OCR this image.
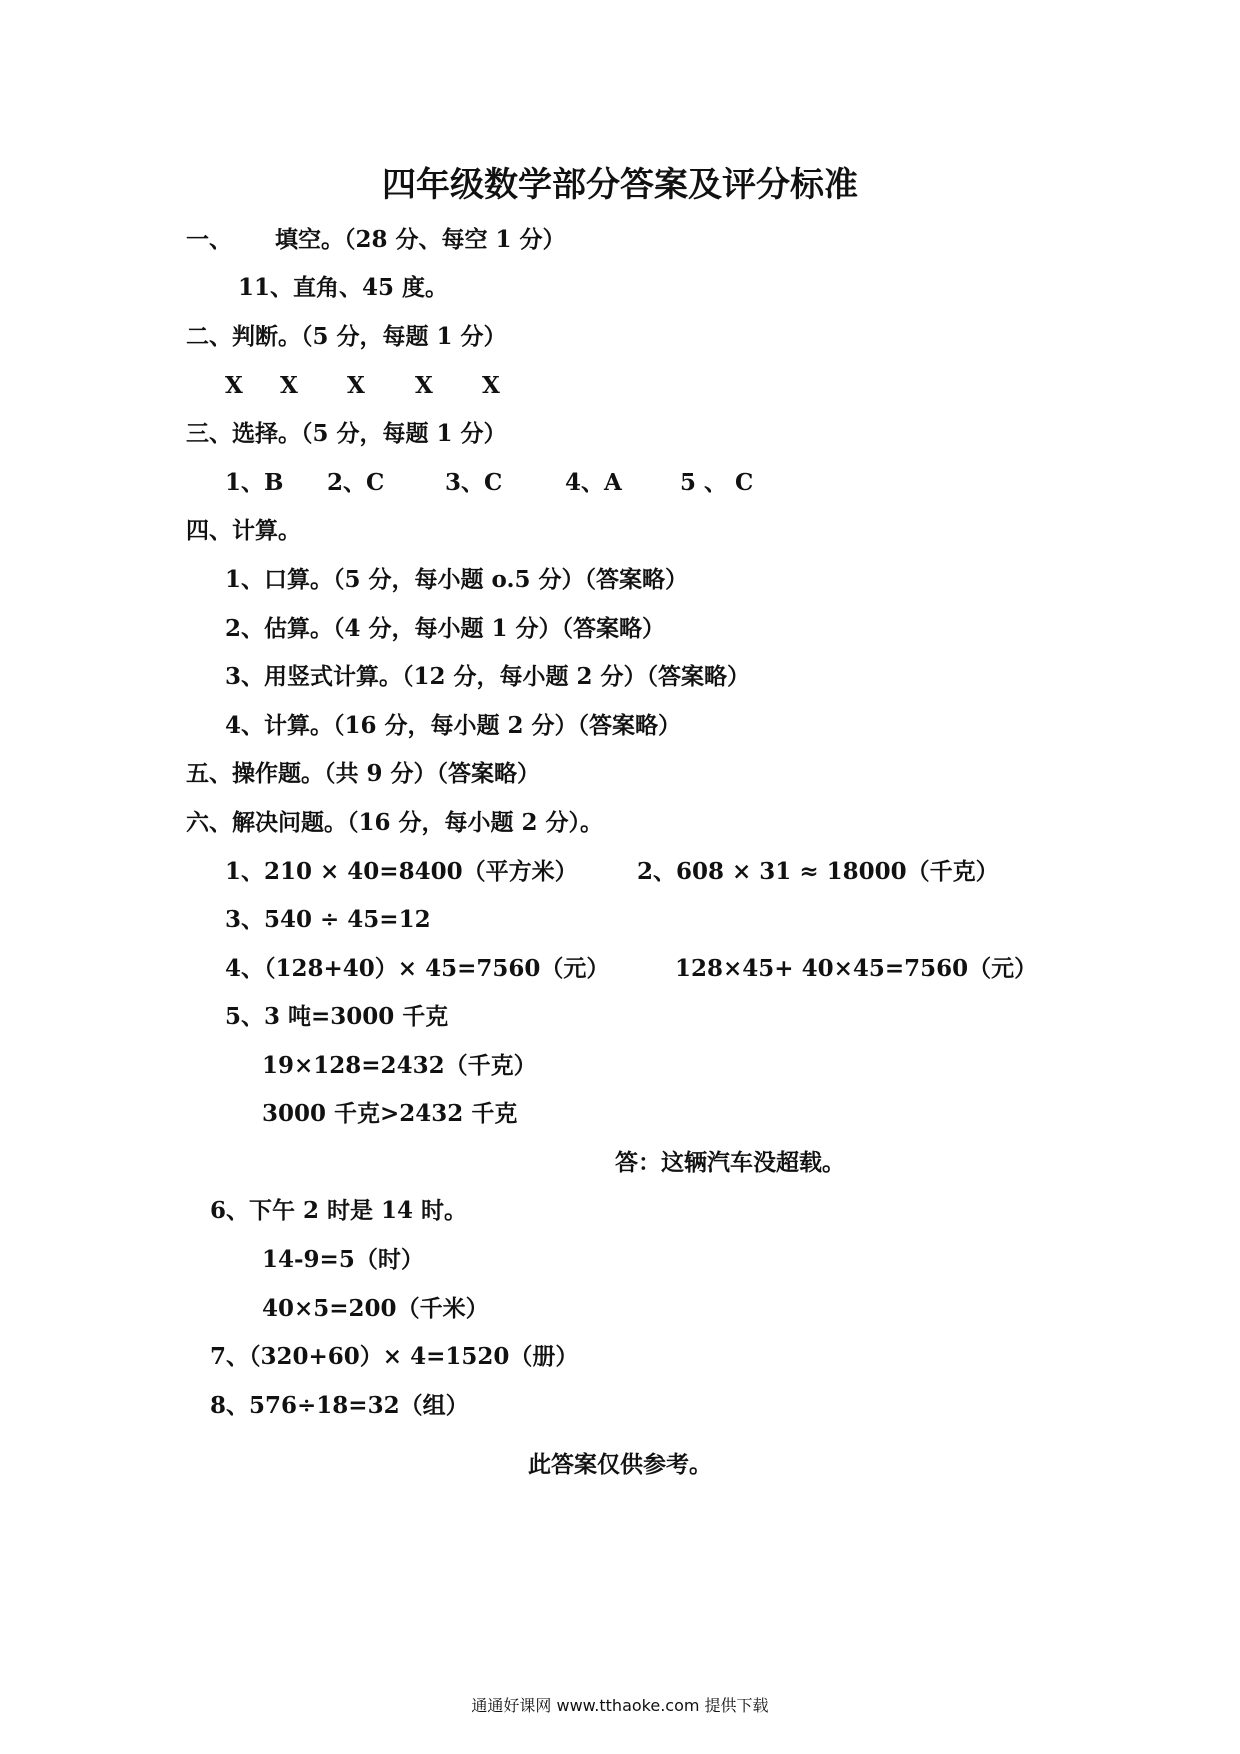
四年级数学部分答案及评分标准
一、 填空。（28 分、每空 1 分）
11、直角、45 度。
二、判断。（5 分，每题 1 分）
X X X X X
三、选择。（5 分，每题 1 分）
1、B 2、C	3、C	4、A	5 、 C
四、计算。
1、口算。（5 分，每小题 o.5 分）（答案略）
2、估算。（4 分，每小题 1 分）（答案略）
3、用竖式计算。（12 分，每小题 2 分）（答案略）
4、计算。（16 分，每小题 2 分）（答案略）
五、操作题。（共 9 分）（答案略）
六、解决问题。（16 分，每小题 2 分）。
1、210 × 40=8400（平方米）	2、608 × 31 ≈ 18000（千克）
3、540 ÷ 45=12
4、（128+40）× 45=7560（元）	128×45+ 40×45=7560（元）
5、3 吨=3000 千克
19×128=2432（千克）
3000 千克>2432 千克
答：这辆汽车没超载。
6、下午 2 时是 14 时。
14-9=5（时）
40×5=200（千米）
7、（320+60）× 4=1520（册）
8、576÷18=32（组）
此答案仅供参考。
通通好课网 www.tthaoke.com 提供下载
